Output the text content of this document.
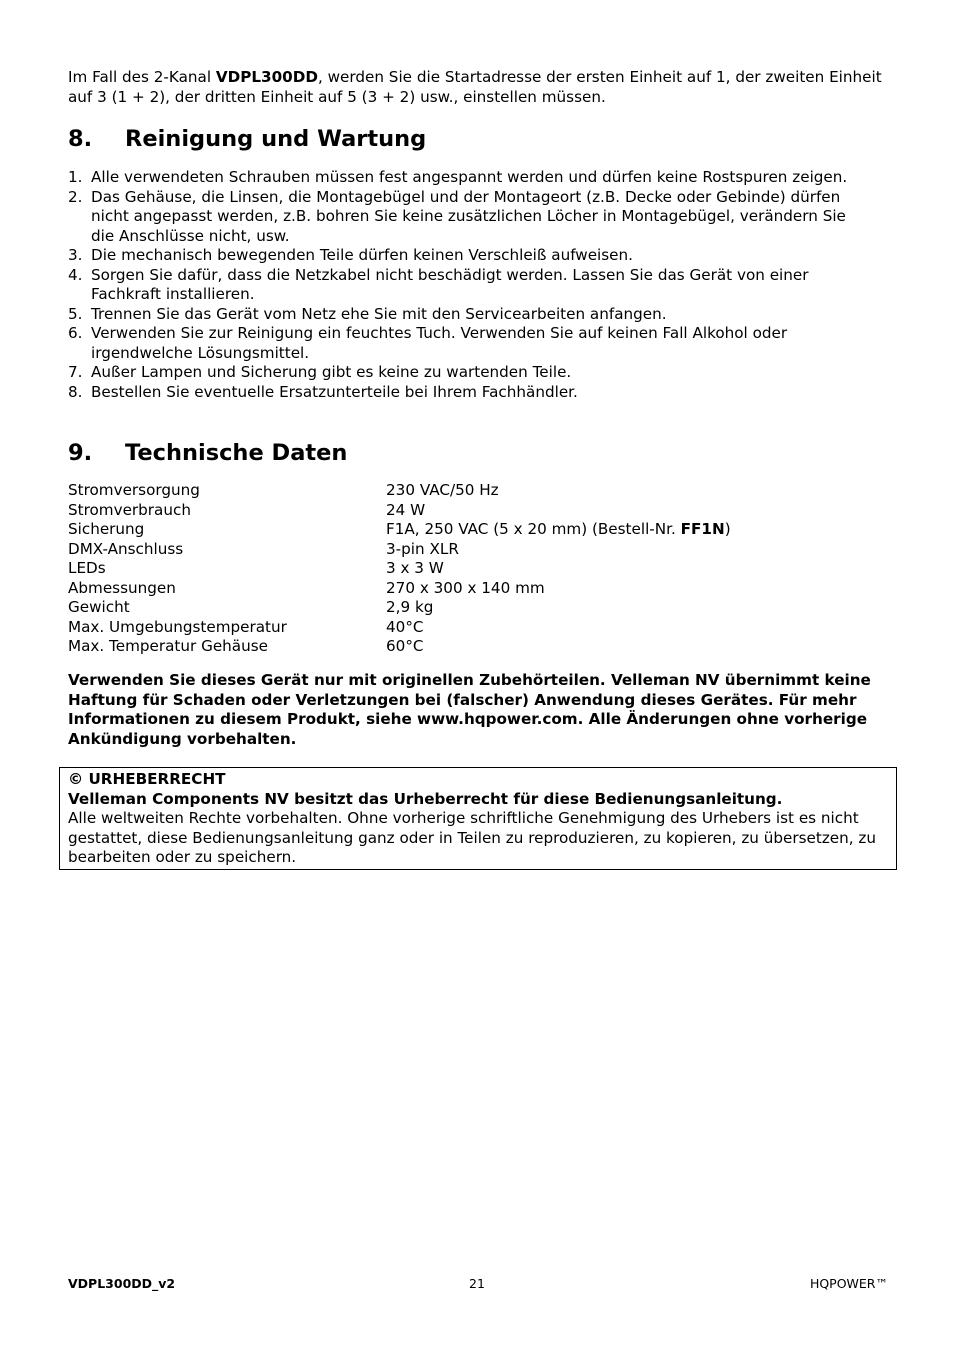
Im Fall des 2-Kanal VDPL300DD, werden Sie die Startadresse der ersten Einheit auf 1, der zweiten Einheit auf 3 (1 + 2), der dritten Einheit auf 5 (3 + 2) usw., einstellen müssen.

8. Reinigung und Wartung
1. Alle verwendeten Schrauben müssen fest angespannt werden und dürfen keine Rostspuren zeigen.
2. Das Gehäuse, die Linsen, die Montagebügel und der Montageort (z.B. Decke oder Gebinde) dürfen nicht angepasst werden, z.B. bohren Sie keine zusätzlichen Löcher in Montagebügel, verändern Sie die Anschlüsse nicht, usw.
3. Die mechanisch bewegenden Teile dürfen keinen Verschleiß aufweisen.
4. Sorgen Sie dafür, dass die Netzkabel nicht beschädigt werden. Lassen Sie das Gerät von einer Fachkraft installieren.
5. Trennen Sie das Gerät vom Netz ehe Sie mit den Servicearbeiten anfangen.
6. Verwenden Sie zur Reinigung ein feuchtes Tuch. Verwenden Sie auf keinen Fall Alkohol oder irgendwelche Lösungsmittel.
7. Außer Lampen und Sicherung gibt es keine zu wartenden Teile.
8. Bestellen Sie eventuelle Ersatzunterteile bei Ihrem Fachhändler.
9. Technische Daten
Stromversorgung	230 VAC/50 Hz
Stromverbrauch	24 W
Sicherung	F1A, 250 VAC (5 x 20 mm) (Bestell-Nr. FF1N)
DMX-Anschluss	3-pin XLR
LEDs	3 x 3 W
Abmessungen	270 x 300 x 140 mm
Gewicht	2,9 kg
Max. Umgebungstemperatur	40°C
Max. Temperatur Gehäuse	60°C

Verwenden Sie dieses Gerät nur mit originellen Zubehörteilen. Velleman NV übernimmt keine Haftung für Schaden oder Verletzungen bei (falscher) Anwendung dieses Gerätes. Für mehr Informationen zu diesem Produkt, siehe www.hqpower.com. Alle Änderungen ohne vorherige Ankündigung vorbehalten.

© URHEBERRECHT
Velleman Components NV besitzt das Urheberrecht für diese Bedienungsanleitung.
Alle weltweiten Rechte vorbehalten. Ohne vorherige schriftliche Genehmigung des Urhebers ist es nicht gestattet, diese Bedienungsanleitung ganz oder in Teilen zu reproduzieren, zu kopieren, zu übersetzen, zu bearbeiten oder zu speichern.
VDPL300DD_v2	21	HQPOWER™
